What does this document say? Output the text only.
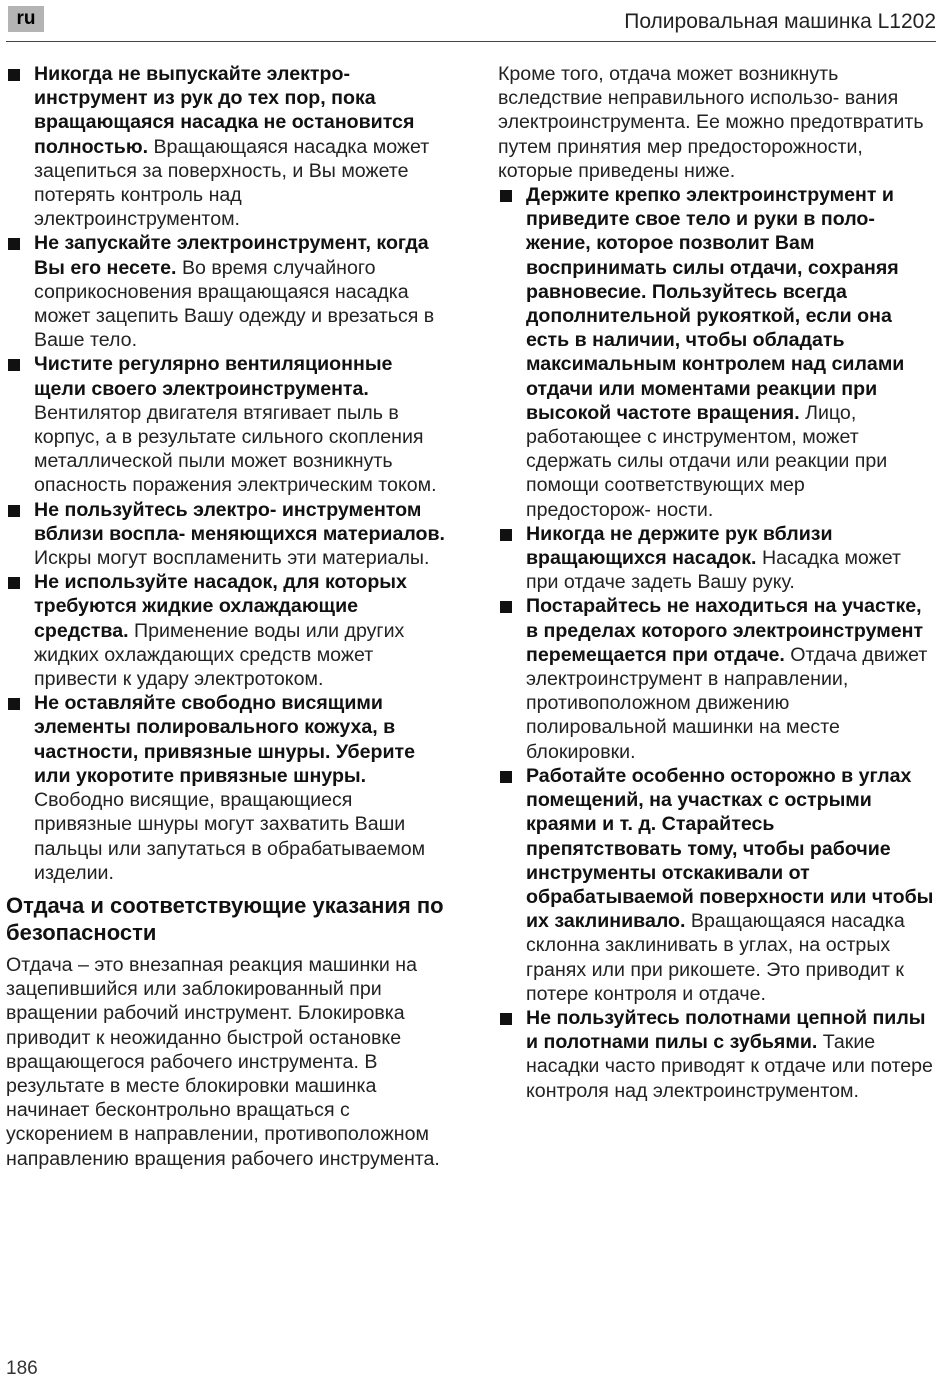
ru	Полировальная машинка L1202

Никогда не выпускайте электро- инструмент из рук до тех пор, пока вращающаяся насадка не остановится полностью. Вращающаяся насадка может зацепиться за поверхность, и Вы можете потерять контроль над электроинструментом.

Не запускайте электроинструмент, когда Вы его несете. Во время случайного соприкосновения вращающаяся насадка может зацепить Вашу одежду и врезаться в Ваше тело.

Чистите регулярно вентиляционные щели своего электроинструмента. Вентилятор двигателя втягивает пыль в корпус, а в результате сильного скопления металлической пыли может возникнуть опасность поражения электрическим током.

Не пользуйтесь электро- инструментом вблизи воспла- меняющихся материалов. Искры могут воспламенить эти материалы.

Не используйте насадок, для которых требуются жидкие охлаждающие средства. Применение воды или других жидких охлаждающих средств может привести к удару электротоком.

Не оставляйте свободно висящими элементы полировального кожуха, в частности, привязные шнуры. Уберите или укоротите привязные шнуры. Свободно висящие, вращающиеся привязные шнуры могут захватить Ваши пальцы или запутаться в обрабатываемом изделии.

Отдача и соответствующие указания по безопасности

Отдача – это внезапная реакция машинки на зацепившийся или заблокированный при вращении рабочий инструмент. Блокировка приводит к неожиданно быстрой остановке вращающегося рабочего инструмента. В результате в месте блокировки машинка начинает бесконтрольно вращаться с ускорением в направлении, противоположном направлению вращения рабочего инструмента.

Кроме того, отдача может возникнуть вследствие неправильного использо- вания электроинструмента. Ее можно предотвратить путем принятия мер предосторожности, которые приведены ниже.

Держите крепко электроинструмент и приведите свое тело и руки в поло- жение, которое позволит Вам воспринимать силы отдачи, сохраняя равновесие. Пользуйтесь всегда дополнительной рукояткой, если она есть в наличии, чтобы обладать максимальным контролем над силами отдачи или моментами реакции при высокой частоте вращения. Лицо, работающее с инструментом, может сдержать силы отдачи или реакции при помощи соответствующих мер предосторож- ности.

Никогда не держите рук вблизи вращающихся насадок. Насадка может при отдаче задеть Вашу руку.

Постарайтесь не находиться на участке, в пределах которого электроинструмент перемещается при отдаче. Отдача движет электроинструмент в направлении, противоположном движению полировальной машинки на месте блокировки.

Работайте особенно осторожно в углах помещений, на участках с острыми краями и т. д. Старайтесь препятствовать тому, чтобы рабочие инструменты отскакивали от обрабатываемой поверхности или чтобы их заклинивало. Вращающаяся насадка склонна заклинивать в углах, на острых гранях или при рикошете. Это приводит к потере контроля и отдаче.

Не пользуйтесь полотнами цепной пилы и полотнами пилы с зубьями. Такие насадки часто приводят к отдаче или потере контроля над электроинструментом.

186
